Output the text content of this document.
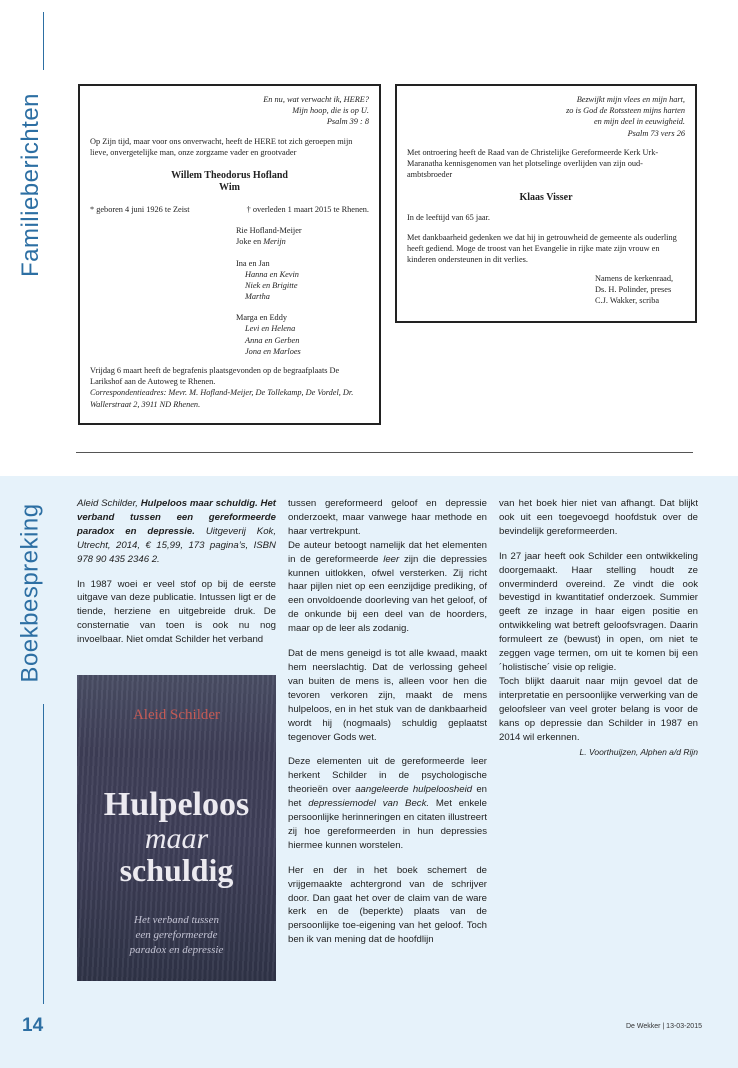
Familieberichten
Boekbespreking
En nu, wat verwacht ik, HERE?
Mijn hoop, die is op U.
Psalm 39 : 8

Op Zijn tijd, maar voor ons onverwacht, heeft de HERE tot zich geroepen mijn lieve, onvergetelijke man, onze zorgzame vader en grootvader

Willem Theodorus Hofland
Wim
* geboren 4 juni 1926 te Zeist	† overleden 1 maart 2015 te Rhenen.
Rie Hofland-Meijer
Joke en Merijn
Ina en Jan
Hanna en Kevin
Niek en Brigitte
Martha
Marga en Eddy
Levi en Helena
Anna en Gerben
Jona en Marloes

Vrijdag 6 maart heeft de begrafenis plaatsgevonden op de begraafplaats De Larikshof aan de Autoweg te Rhenen.

Correspondentieadres: Mevr. M. Hofland-Meijer, De Tollekamp, De Vordel, Dr. Wallerstraat 2, 3911 ND Rhenen.
Bezwijkt mijn vlees en mijn hart,
zo is God de Rotssteen mijns harten
en mijn deel in eeuwigheid.
Psalm 73 vers 26

Met ontroering heeft de Raad van de Christelijke Gereformeerde Kerk Urk-Maranatha kennisgenomen van het plotselinge overlijden van zijn oud-ambtsbroeder

Klaas Visser

In de leeftijd van 65 jaar.

Met dankbaarheid gedenken we dat hij in getrouwheid de gemeente als ouderling heeft gediend. Moge de troost van het Evangelie in rijke mate zijn vrouw en kinderen ondersteunen in dit verlies.

Namens de kerkenraad,
Ds. H. Polinder, preses
C.J. Wakker, scriba

Aleid Schilder, Hulpeloos maar schuldig. Het verband tussen een gereformeerde paradox en depressie. Uitgeverij Kok, Utrecht, 2014, € 15,99, 173 pagina’s, ISBN 978 90 435 2346 2.

In 1987 woei er veel stof op bij de eerste uitgave van deze publicatie. Intussen ligt er de tiende, herziene en uitgebreide druk. De consternatie van toen is ook nu nog invoelbaar. Niet omdat Schilder het verband

Aleid Schilder
Hulpeloos
maar
schuldig
Het verband tussen
een gereformeerde
paradox en depressie

tussen gereformeerd geloof en depressie onderzoekt, maar vanwege haar methode en haar vertrekpunt.

De auteur betoogt namelijk dat het elementen in de gereformeerde leer zijn die depressies kunnen uitlokken, ofwel versterken. Zij richt haar pijlen niet op een eenzijdige prediking, of een onvoldoende doorleving van het geloof, of de onkunde bij een deel van de hoorders, maar op de leer als zodanig.

Dat de mens geneigd is tot alle kwaad, maakt hem neerslachtig. Dat de verlossing geheel van buiten de mens is, alleen voor hen die tevoren verkoren zijn, maakt de mens hulpeloos, en in het stuk van de dankbaarheid wordt hij (nogmaals) schuldig geplaatst tegenover Gods wet.

Deze elementen uit de gereformeerde leer herkent Schilder in de psychologische theorieën over aangeleerde hulpeloosheid en het depressiemodel van Beck. Met enkele persoonlijke herinneringen en citaten illustreert zij hoe gereformeerden in hun depressies hiermee kunnen worstelen.

Her en der in het boek schemert de vrijgemaakte achtergrond van de schrijver door. Dan gaat het over de claim van de ware kerk en de (beperkte) plaats van de persoonlijke toe-eigening van het geloof. Toch ben ik van mening dat de hoofdlijn

van het boek hier niet van afhangt. Dat blijkt ook uit een toegevoegd hoofdstuk over de bevindelijk gereformeerden.

In 27 jaar heeft ook Schilder een ontwikkeling doorgemaakt. Haar stelling houdt ze onverminderd overeind. Ze vindt die ook bevestigd in kwantitatief onderzoek. Summier geeft ze inzage in haar eigen positie en ontwikkeling wat betreft geloofsvragen. Daarin formuleert ze (bewust) in open, om niet te zeggen vage termen, om uit te komen bij een ´holistische´ visie op religie.

Toch blijkt daaruit naar mijn gevoel dat de interpretatie en persoonlijke verwerking van de geloofsleer van veel groter belang is voor de kans op depressie dan Schilder in 1987 en 2014 wil erkennen.

L. Voorthuijzen, Alphen a/d Rijn
14	De Wekker | 13-03-2015
